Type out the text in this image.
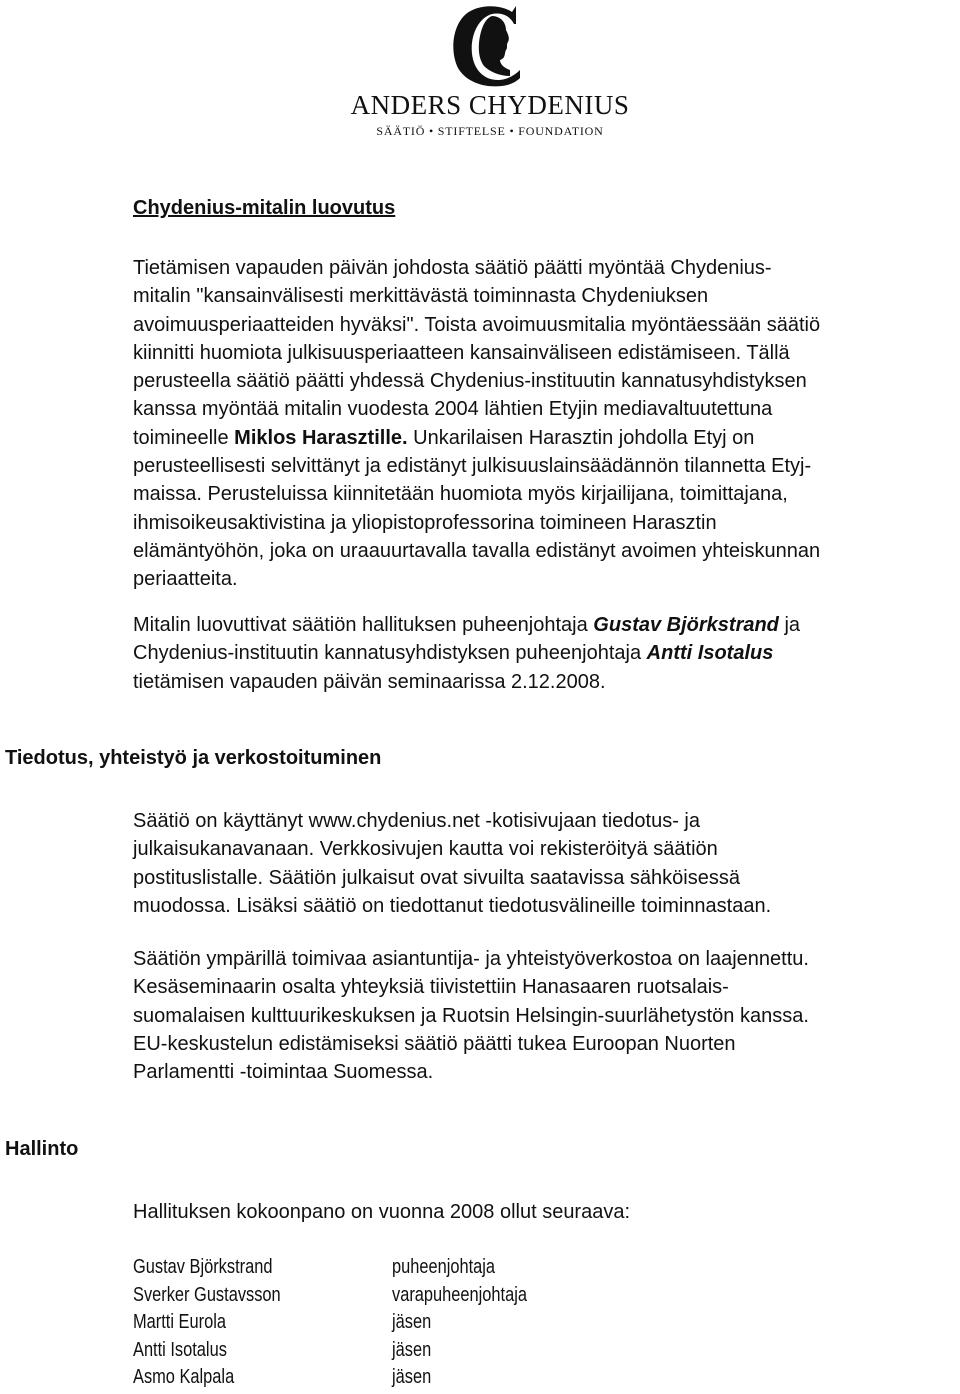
ANDERS CHYDENIUS
SÄÄTIÖ • STIFTELSE • FOUNDATION
Chydenius-mitalin luovutus
Tietämisen vapauden päivän johdosta säätiö päätti myöntää Chydenius-
mitalin "kansainvälisesti merkittävästä toiminnasta Chydeniuksen
avoimuusperiaatteiden hyväksi". Toista avoimuusmitalia myöntäessään säätiö
kiinnitti huomiota julkisuusperiaatteen kansainväliseen edistämiseen. Tällä
perusteella säätiö päätti yhdessä Chydenius-instituutin kannatusyhdistyksen
kanssa myöntää mitalin vuodesta 2004 lähtien Etyjin mediavaltuutettuna
toimineelle Miklos Harasztille. Unkarilaisen Harasztin johdolla Etyj on
perusteellisesti selvittänyt ja edistänyt julkisuuslainsäädännön tilannetta Etyj-
maissa. Perusteluissa kiinnitetään huomiota myös kirjailijana, toimittajana,
ihmisoikeusaktivistina ja yliopistoprofessorina toimineen Harasztin
elämäntyöhön, joka on uraauurtavalla tavalla edistänyt avoimen yhteiskunnan
periaatteita.
Mitalin luovuttivat säätiön hallituksen puheenjohtaja Gustav Björkstrand ja
Chydenius-instituutin kannatusyhdistyksen puheenjohtaja Antti Isotalus
tietämisen vapauden päivän seminaarissa 2.12.2008.
Tiedotus, yhteistyö ja verkostoituminen
Säätiö on käyttänyt www.chydenius.net -kotisivujaan tiedotus- ja
julkaisukanavanaan. Verkkosivujen kautta voi rekisteröityä säätiön
postituslistalle. Säätiön julkaisut ovat sivuilta saatavissa sähköisessä
muodossa. Lisäksi säätiö on tiedottanut tiedotusvälineille toiminnastaan.
Säätiön ympärillä toimivaa asiantuntija- ja yhteistyöverkostoa on laajennettu.
Kesäseminaarin osalta yhteyksiä tiivistettiin Hanasaaren ruotsalais-
suomalaisen kulttuurikeskuksen ja Ruotsin Helsingin-suurlähetystön kanssa.
EU-keskustelun edistämiseksi säätiö päätti tukea Euroopan Nuorten
Parlamentti -toimintaa Suomessa.
Hallinto
Hallituksen kokoonpano on vuonna 2008 ollut seuraava:
Gustav Björkstrand	puheenjohtaja
Sverker Gustavsson	varapuheenjohtaja
Martti Eurola	jäsen
Antti Isotalus	jäsen
Asmo Kalpala	jäsen
